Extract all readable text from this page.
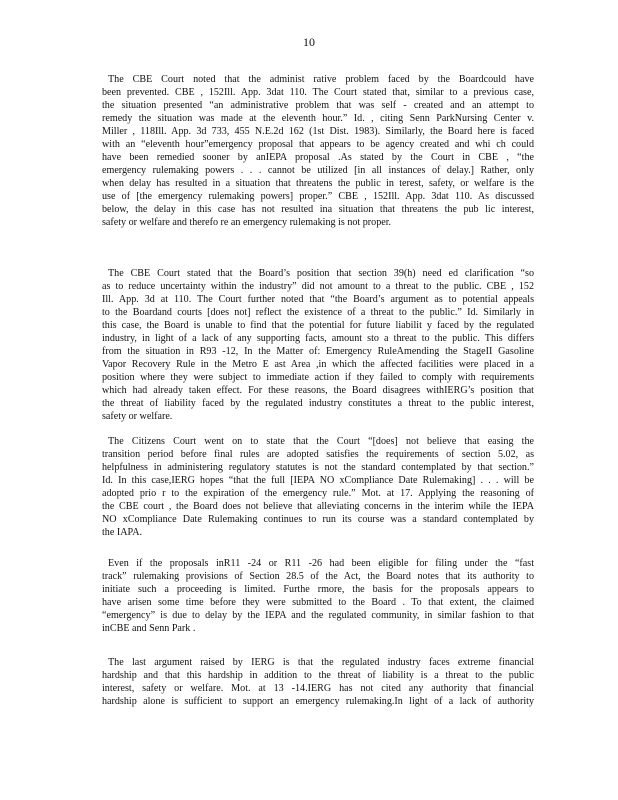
10
The CBE Court noted that the administ rative problem faced by the Boardcould have
been prevented. CBE , 152Ill. App. 3dat 110. The Court stated that, similar to a previous case,
the situation presented “an administrative problem that was self - created and an attempt to
remedy the situation was made at the eleventh hour.” Id. , citing Senn ParkNursing Center v.
Miller , 118Ill. App. 3d 733, 455 N.E.2d 162 (1st Dist. 1983). Similarly, the Board here is faced
with an “eleventh hour”emergency proposal that appears to be agency created and whi ch could
have been remedied sooner by anIEPA proposal .As stated by the Court in CBE , “the
emergency rulemaking powers . . . cannot be utilized [in all instances of delay.] Rather, only
when delay has resulted in a situation that threatens the public in terest, safety, or welfare is the
use of [the emergency rulemaking powers] proper.” CBE , 152Ill. App. 3dat 110. As discussed
below, the delay in this case has not resulted ina situation that threatens the pub lic interest,
safety or welfare and therefo re an emergency rulemaking is not proper.
The CBE Court stated that the Board’s position that section 39(h) need ed clarification “so
as to reduce uncertainty within the industry” did not amount to a threat to the public. CBE , 152
Ill. App. 3d at 110. The Court further noted that “the Board’s argument as to potential appeals
to the Boardand courts [does not] reflect the existence of a threat to the public.” Id. Similarly in
this case, the Board is unable to find that the potential for future liabilit y faced by the regulated
industry, in light of a lack of any supporting facts, amount sto a threat to the public. This differs
from the situation in R93 -12, In the Matter of: Emergency RuleAmending the StageII Gasoline
Vapor Recovery Rule in the Metro E ast Area ,in which the affected facilities were placed in a
position where they were subject to immediate action if they failed to comply with requirements
which had already taken effect. For these reasons, the Board disagrees withIERG’s position that
the threat of liability faced by the regulated industry constitutes a threat to the public interest,
safety or welfare.
The Citizens Court went on to state that the Court “[does] not believe that easing the
transition period before final rules are adopted satisfies the requirements of section 5.02, as
helpfulness in administering regulatory statutes is not the standard contemplated by that section.”
Id. In this case,IERG hopes “that the full [IEPA NO xCompliance Date Rulemaking] . . . will be
adopted prio r to the expiration of the emergency rule.” Mot. at 17. Applying the reasoning of
the CBE court , the Board does not believe that alleviating concerns in the interim while the IEPA
NO xCompliance Date Rulemaking continues to run its course was a standard contemplated by
the IAPA.
Even if the proposals inR11 -24 or R11 -26 had been eligible for filing under the “fast
track” rulemaking provisions of Section 28.5 of the Act, the Board notes that its authority to
initiate such a proceeding is limited. Furthe rmore, the basis for the proposals appears to
have arisen some time before they were submitted to the Board . To that extent, the claimed
“emergency” is due to delay by the IEPA and the regulated community, in similar fashion to that
inCBE and Senn Park .
The last argument raised by IERG is that the regulated industry faces extreme financial
hardship and that this hardship in addition to the threat of liability is a threat to the public
interest, safety or welfare. Mot. at 13 -14.IERG has not cited any authority that financial
hardship alone is sufficient to support an emergency rulemaking.In light of a lack of authority
